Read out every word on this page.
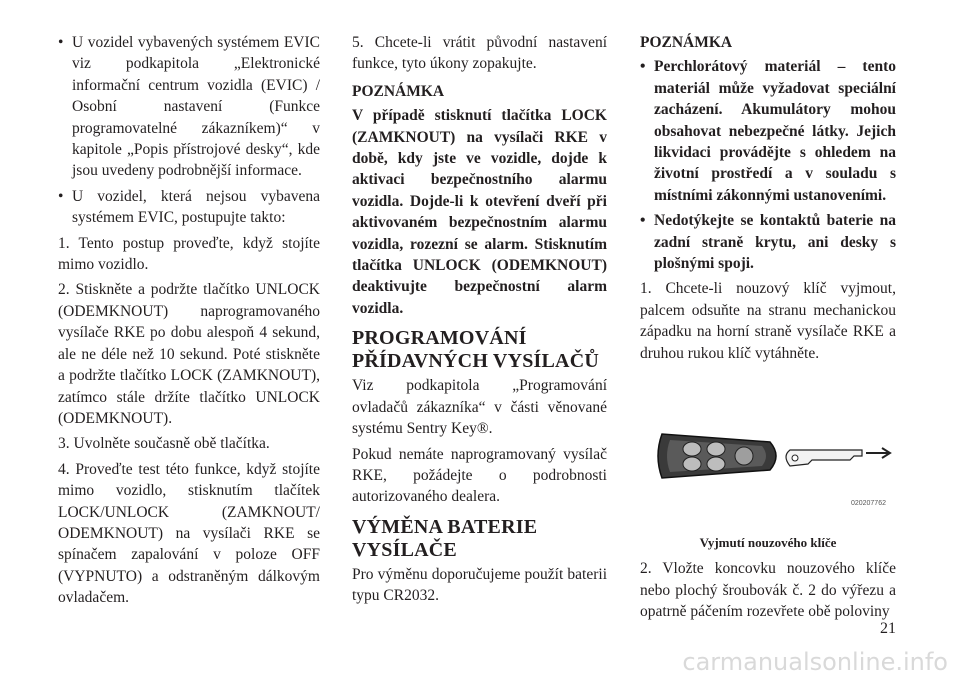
• U vozidel vybavených systémem EVIC viz podkapitola „Elektronické informační centrum vozidla (EVIC) / Osobní nastavení (Funkce programovatelné zákazníkem)“ v kapitole „Popis přístrojové desky“, kde jsou uvedeny podrobnější informace.
• U vozidel, která nejsou vybavena systémem EVIC, postupujte takto:

1. Tento postup proveďte, když stojíte mimo vozidlo.

2. Stiskněte a podržte tlačítko UNLOCK (ODEMKNOUT) naprogramovaného vysílače RKE po dobu alespoň 4 sekund, ale ne déle než 10 sekund. Poté stiskněte a podržte tlačítko LOCK (ZAMKNOUT), zatímco stále držíte tlačítko UNLOCK (ODEMKNOUT).

3. Uvolněte současně obě tlačítka.

4. Proveďte test této funkce, když stojíte mimo vozidlo, stisknutím tlačítek LOCK/UNLOCK (ZAMKNOUT/ ODEMKNOUT) na vysílači RKE se spínačem zapalování v poloze OFF (VYPNUTO) a odstraněným dálkovým ovladačem.

5. Chcete-li vrátit původní nastavení funkce, tyto úkony zopakujte.

POZNÁMKA

V případě stisknutí tlačítka LOCK (ZAMKNOUT) na vysílači RKE v době, kdy jste ve vozidle, dojde k aktivaci bezpečnostního alarmu vozidla. Dojde-li k otevření dveří při aktivovaném bezpečnostním alarmu vozidla, rozezní se alarm. Stisknutím tlačítka UNLOCK (ODEMKNOUT) deaktivujte bezpečnostní alarm vozidla.

PROGRAMOVÁNÍ PŘÍDAVNÝCH VYSÍLAČŮ

Viz podkapitola „Programování ovladačů zákazníka“ v části věnované systému Sentry Key®.

Pokud nemáte naprogramovaný vysílač RKE, požádejte o podrobnosti autorizovaného dealera.

VÝMĚNA BATERIE VYSÍLAČE

Pro výměnu doporučujeme použít baterii typu CR2032.

POZNÁMKA
• Perchlorátový materiál – tento materiál může vyžadovat speciální zacházení. Akumulátory mohou obsahovat nebezpečné látky. Jejich likvidaci provádějte s ohledem na životní prostředí a v souladu s místními zákonnými ustanoveními.
• Nedotýkejte se kontaktů baterie na zadní straně krytu, ani desky s plošnými spoji.

1. Chcete-li nouzový klíč vyjmout, palcem odsuňte na stranu mechanickou západku na horní straně vysílače RKE a druhou rukou klíč vytáhněte.

020207762
Vyjmutí nouzového klíče

2. Vložte koncovku nouzového klíče nebo plochý šroubovák č. 2 do výřezu a opatrně páčením rozevřete obě poloviny

21
carmanualsonline.info
